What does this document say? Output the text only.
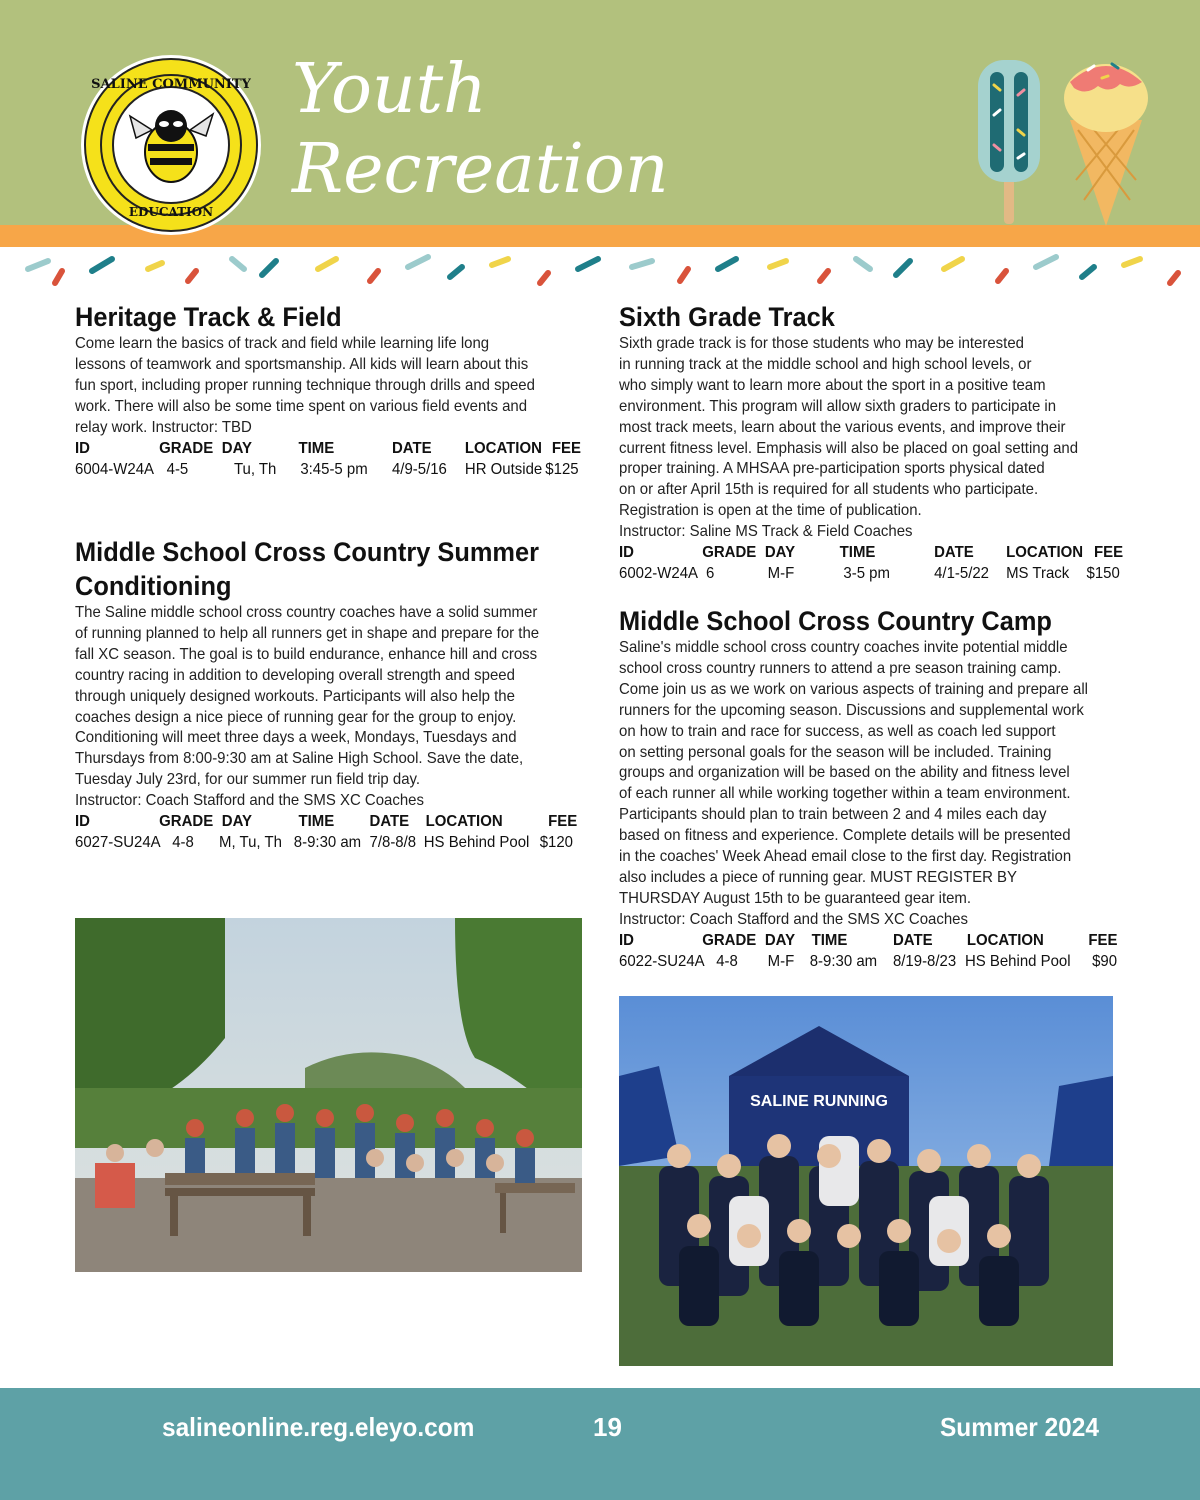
SALINE COMMUNITY
EDUCATION
Youth
Recreation
Heritage Track & Field

Come learn the basics of track and field while learning life long
lessons of teamwork and sportsmanship. All kids will learn about this
fun sport, including proper running technique through drills and speed
work. There will also be some time spent on various field events and
relay work. Instructor: TBD

ID	GRADE DAY	TIME	DATE LOCATION FEE
6004-W24A 4-5	Tu, Th 3:45-5 pm 4/9-5/16 HR Outside $125
Middle School Cross Country Summer
Conditioning

The Saline middle school cross country coaches have a solid summer
of running planned to help all runners get in shape and prepare for the
fall XC season. The goal is to build endurance, enhance hill and cross
country racing in addition to developing overall strength and speed
through uniquely designed workouts. Participants will also help the
coaches design a nice piece of running gear for the group to enjoy.
Conditioning will meet three days a week, Mondays, Tuesdays and
Thursdays from 8:00-9:30 am at Saline High School. Save the date,
Tuesday July 23rd, for our summer run field trip day.
Instructor: Coach Stafford and the SMS XC Coaches

ID	GRADE DAY	TIME DATE LOCATION	FEE
6027-SU24A 4-8 M, Tu, Th 8-9:30 am 7/8-8/8 HS Behind Pool $120
Sixth Grade Track

Sixth grade track is for those students who may be interested
in running track at the middle school and high school levels, or
who simply want to learn more about the sport in a positive team
environment. This program will allow sixth graders to participate in
most track meets, learn about the various events, and improve their
current fitness level. Emphasis will also be placed on goal setting and
proper training. A MHSAA pre-participation sports physical dated
on or after April 15th is required for all students who participate.
Registration is open at the time of publication.
Instructor: Saline MS Track & Field Coaches

ID	GRADE DAY	TIME	DATE LOCATION FEE
6002-W24A 6	M-F	3-5 pm	4/1-5/22 MS Track $150
Middle School Cross Country Camp

Saline's middle school cross country coaches invite potential middle
school cross country runners to attend a pre season training camp.
Come join us as we work on various aspects of training and prepare all
runners for the upcoming season. Discussions and supplemental work
on how to train and race for success, as well as coach led support
on setting personal goals for the season will be included. Training
groups and organization will be based on the ability and fitness level
of each runner all while working together within a team environment.
Participants should plan to train between 2 and 4 miles each day
based on fitness and experience. Complete details will be presented
in the coaches' Week Ahead email close to the first day. Registration
also includes a piece of running gear. MUST REGISTER BY
THURSDAY August 15th to be guaranteed gear item.
Instructor: Coach Stafford and the SMS XC Coaches

ID	GRADE DAY TIME	DATE LOCATION	FEE
6022-SU24A 4-8 M-F 8-9:30 am 8/19-8/23 HS Behind Pool $90
SALINE RUNNING
salineonline.reg.eleyo.com	19	Summer 2024
